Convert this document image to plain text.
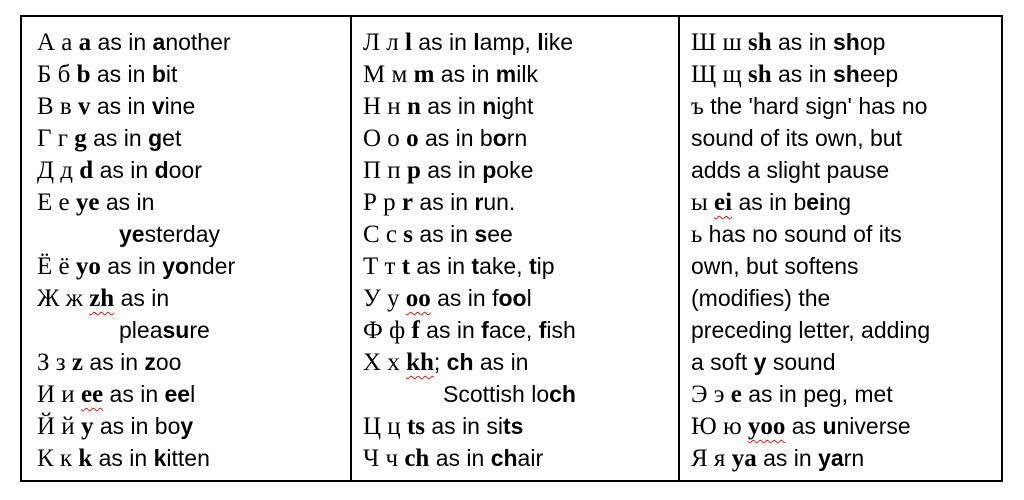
А а a as in another
Б б b as in bit
В в v as in vine
Г г g as in get
Д д d as in door
Е е ye as in
yesterday
Ё ё yo as in yonder
Ж ж zh as in
pleasure
З з z as in zoo
И и ee as in eel
Й й y as in boy
К к k as in kitten
Л л l as in lamp, like
М м m as in milk
Н н n as in night
О о o as in born
П п p as in poke
Р р r as in run.
С с s as in see
Т т t as in take, tip
У у oo as in fool
Ф ф f as in face, fish
Х х kh; ch as in
Scottish loch
Ц ц ts as in sits
Ч ч ch as in chair
Ш ш sh as in shop
Щ щ sh as in sheep
ъ the 'hard sign' has no
sound of its own, but
adds a slight pause
ы ei as in being
ь has no sound of its
own, but softens
(modifies) the
preceding letter, adding
a soft y sound
Э э e as in peg, met
Ю ю yoo as universe
Я я ya as in yarn
